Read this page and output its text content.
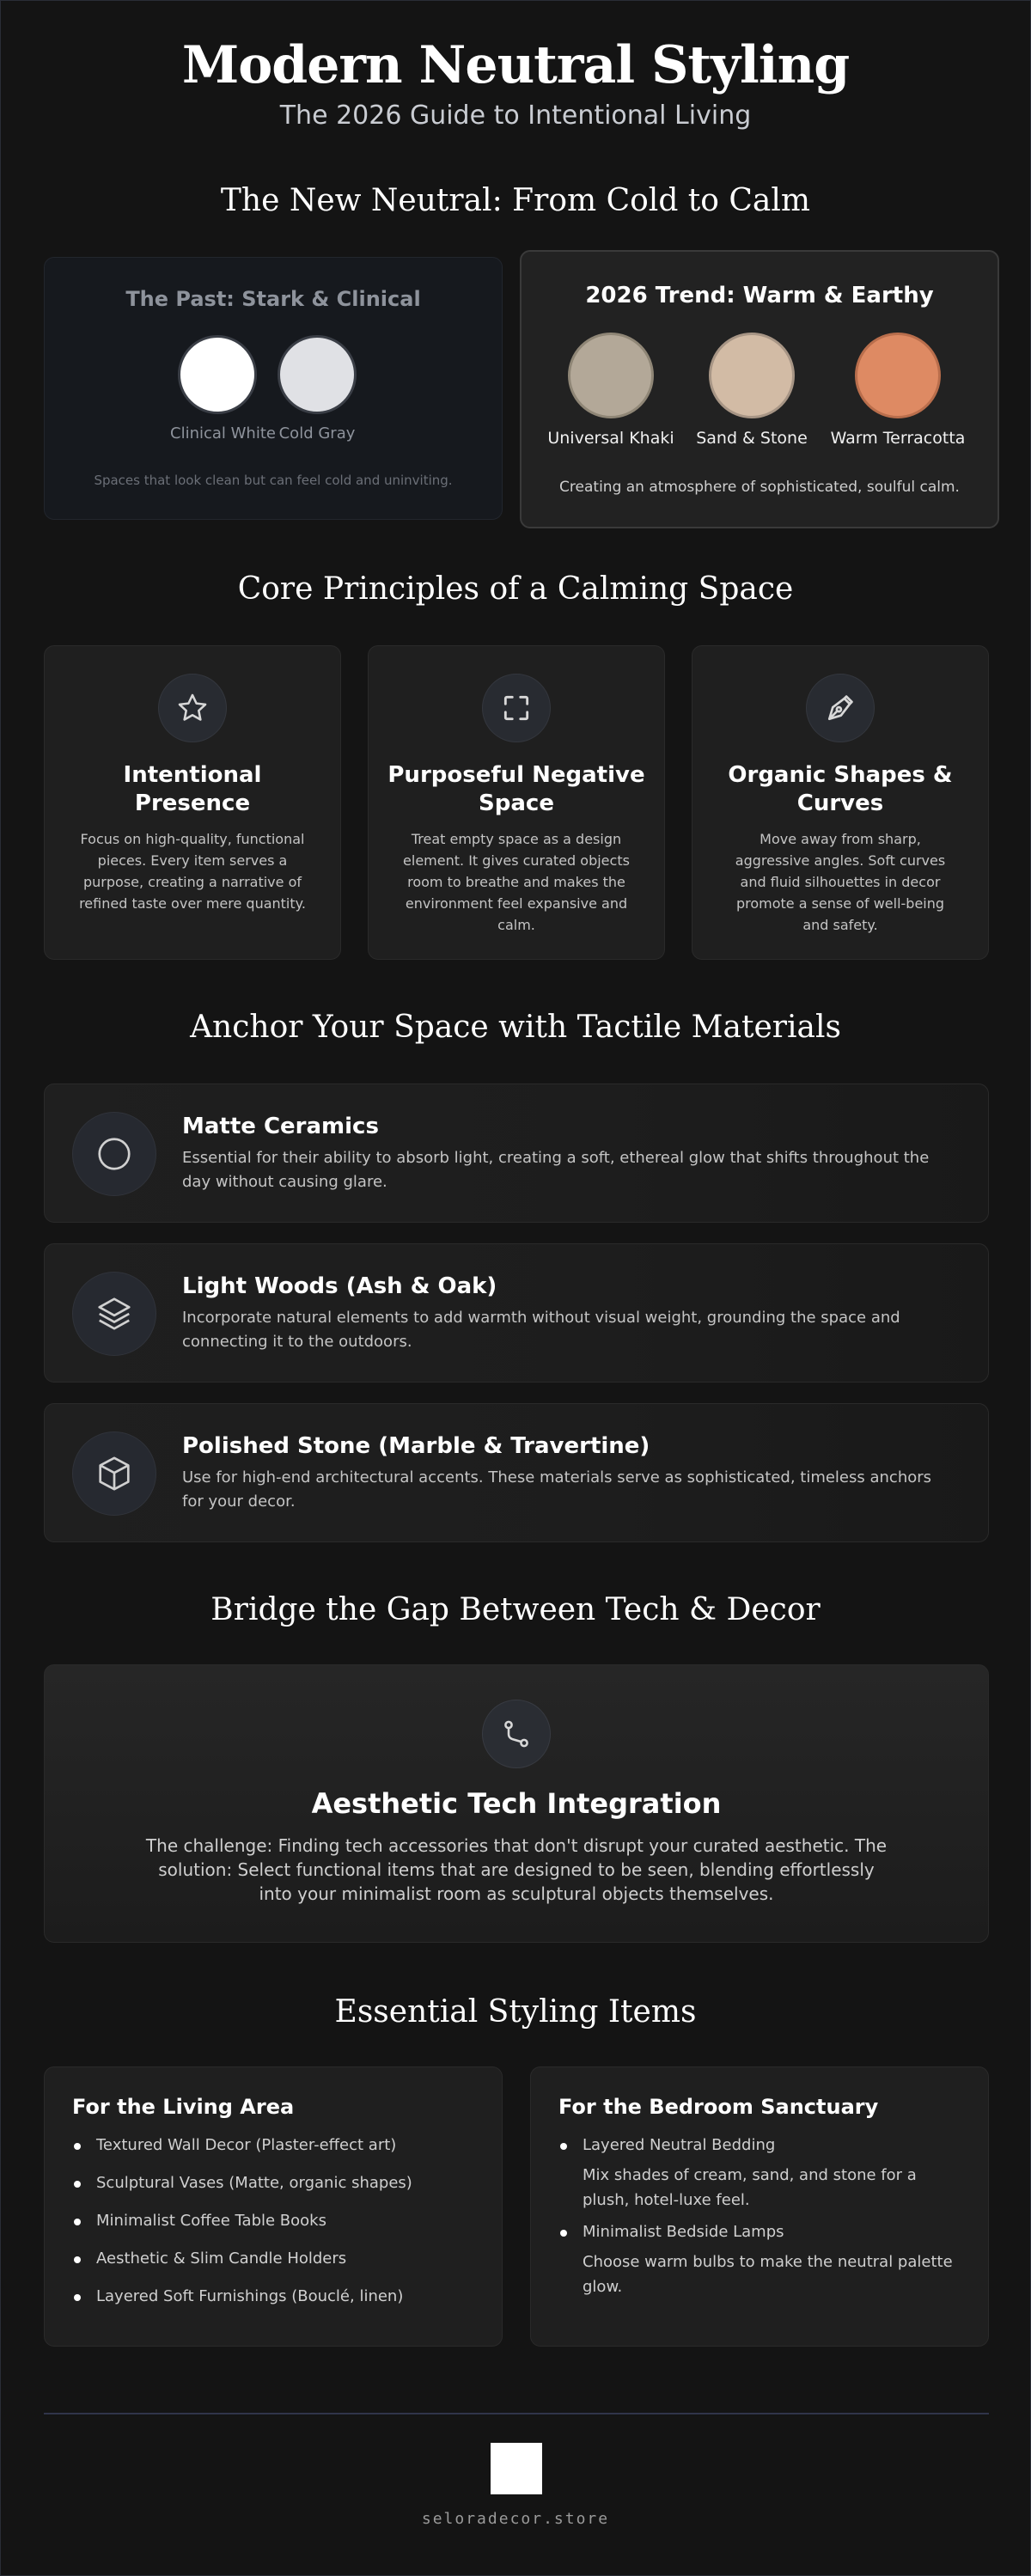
Modern Neutral Styling
The 2026 Guide to Intentional Living
The New Neutral: From Cold to Calm
The Past: Stark & Clinical
Clinical White Cold Gray
Spaces that look clean but can feel cold and uninviting.
2026 Trend: Warm & Earthy
Universal Khaki Sand & Stone Warm Terracotta
Creating an atmosphere of sophisticated, soulful calm.
Core Principles of a Calming Space
Intentional Presence
Focus on high-quality, functional pieces. Every item serves a purpose, creating a narrative of refined taste over mere quantity.
Purposeful Negative Space
Treat empty space as a design element. It gives curated objects room to breathe and makes the environment feel expansive and calm.
Organic Shapes & Curves
Move away from sharp, aggressive angles. Soft curves and fluid silhouettes in decor promote a sense of well-being and safety.
Anchor Your Space with Tactile Materials
Matte Ceramics
Essential for their ability to absorb light, creating a soft, ethereal glow that shifts throughout the day without causing glare.
Light Woods (Ash & Oak)
Incorporate natural elements to add warmth without visual weight, grounding the space and connecting it to the outdoors.
Polished Stone (Marble & Travertine)
Use for high-end architectural accents. These materials serve as sophisticated, timeless anchors for your decor.
Bridge the Gap Between Tech & Decor
Aesthetic Tech Integration
The challenge: Finding tech accessories that don't disrupt your curated aesthetic. The solution: Select functional items that are designed to be seen, blending effortlessly into your minimalist room as sculptural objects themselves.
Essential Styling Items
For the Living Area
Textured Wall Decor (Plaster-effect art)
Sculptural Vases (Matte, organic shapes)
Minimalist Coffee Table Books
Aesthetic & Slim Candle Holders
Layered Soft Furnishings (Bouclé, linen)
For the Bedroom Sanctuary
Layered Neutral Bedding
Mix shades of cream, sand, and stone for a plush, hotel-luxe feel.
Minimalist Bedside Lamps
Choose warm bulbs to make the neutral palette glow.
seloradecor.store
